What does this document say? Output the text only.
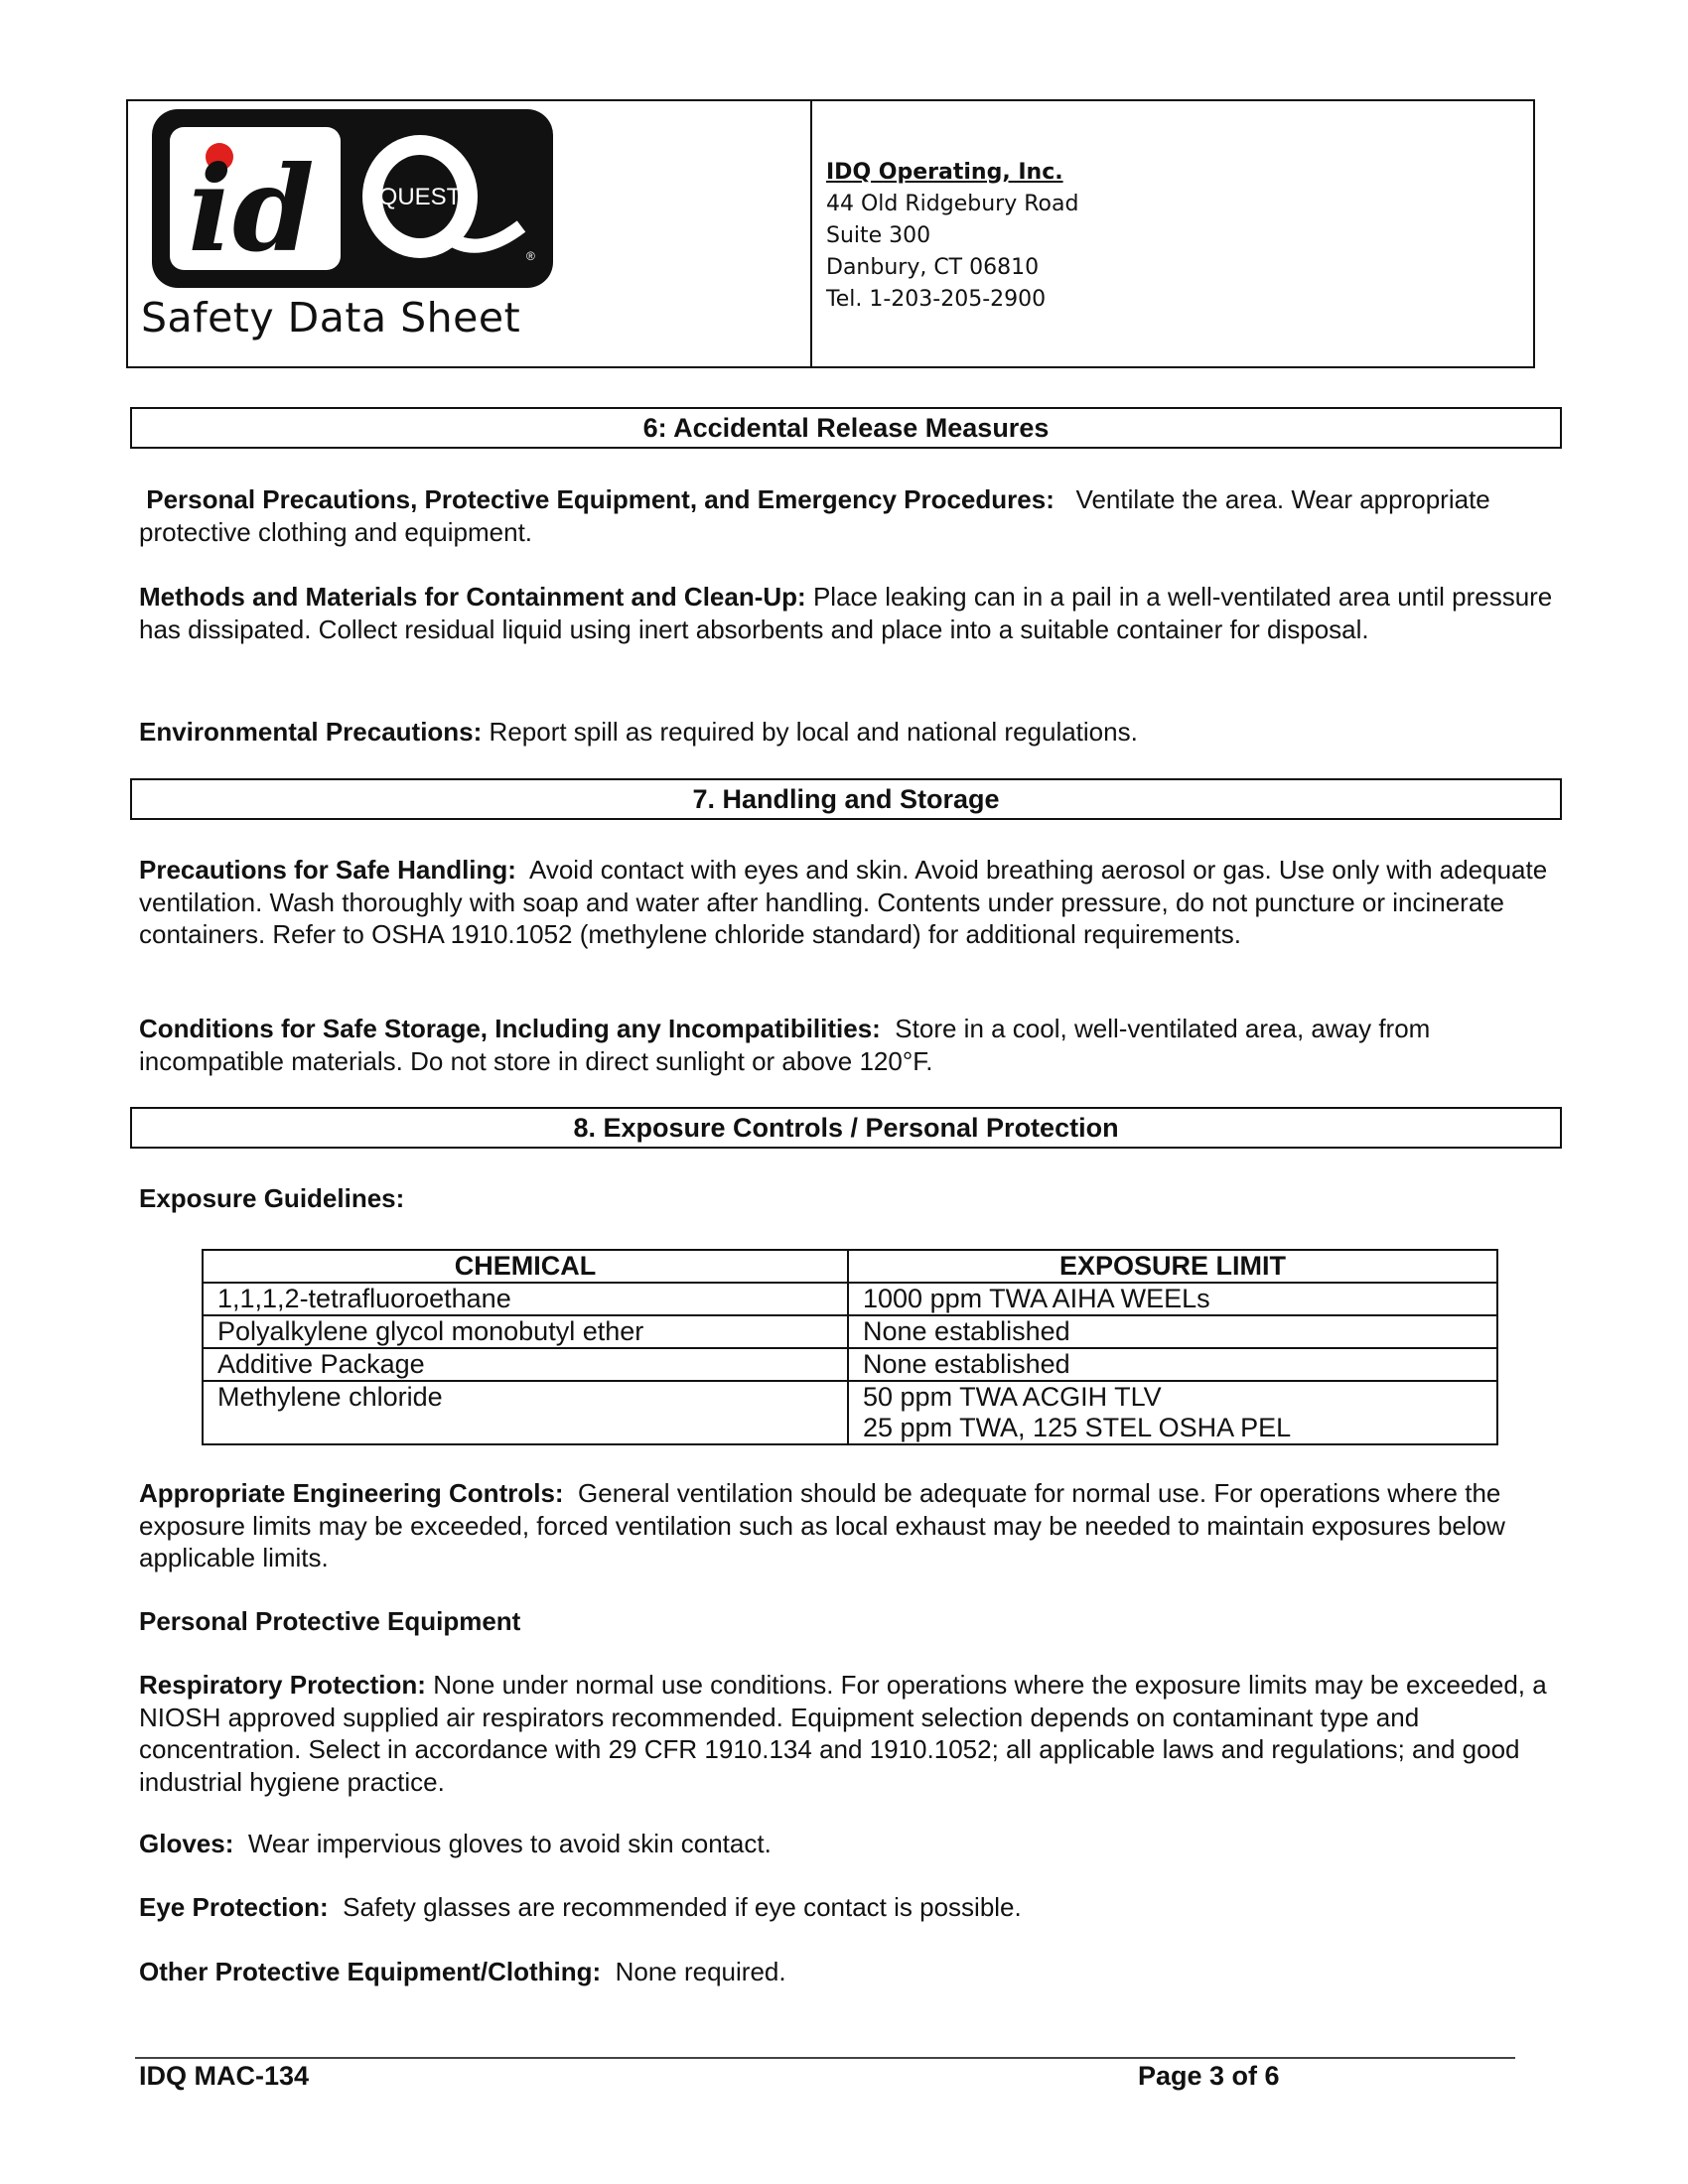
id	QUEST
®
Safety Data Sheet
IDQ Operating, Inc.
44 Old Ridgebury Road
Suite 300
Danbury, CT 06810
Tel. 1-203-205-2900
6: Accidental Release Measures
Personal Precautions, Protective Equipment, and Emergency Procedures: Ventilate the area. Wear appropriate protective clothing and equipment.
Methods and Materials for Containment and Clean-Up: Place leaking can in a pail in a well-ventilated area until pressure has dissipated. Collect residual liquid using inert absorbents and place into a suitable container for disposal.
Environmental Precautions: Report spill as required by local and national regulations.
7. Handling and Storage
Precautions for Safe Handling: Avoid contact with eyes and skin. Avoid breathing aerosol or gas. Use only with adequate ventilation. Wash thoroughly with soap and water after handling. Contents under pressure, do not puncture or incinerate containers. Refer to OSHA 1910.1052 (methylene chloride standard) for additional requirements.
Conditions for Safe Storage, Including any Incompatibilities: Store in a cool, well-ventilated area, away from incompatible materials. Do not store in direct sunlight or above 120°F.
8. Exposure Controls / Personal Protection
Exposure Guidelines:
CHEMICAL	EXPOSURE LIMIT
1,1,1,2-tetrafluoroethane	1000 ppm TWA AIHA WEELs
Polyalkylene glycol monobutyl ether	None established
Additive Package	None established
Methylene chloride	50 ppm TWA ACGIH TLV
25 ppm TWA, 125 STEL OSHA PEL
Appropriate Engineering Controls: General ventilation should be adequate for normal use. For operations where the exposure limits may be exceeded, forced ventilation such as local exhaust may be needed to maintain exposures below applicable limits.
Personal Protective Equipment
Respiratory Protection: None under normal use conditions. For operations where the exposure limits may be exceeded, a NIOSH approved supplied air respirators recommended. Equipment selection depends on contaminant type and concentration. Select in accordance with 29 CFR 1910.134 and 1910.1052; all applicable laws and regulations; and good industrial hygiene practice.
Gloves: Wear impervious gloves to avoid skin contact.
Eye Protection: Safety glasses are recommended if eye contact is possible.
Other Protective Equipment/Clothing: None required.
IDQ MAC-134	Page 3 of 6
